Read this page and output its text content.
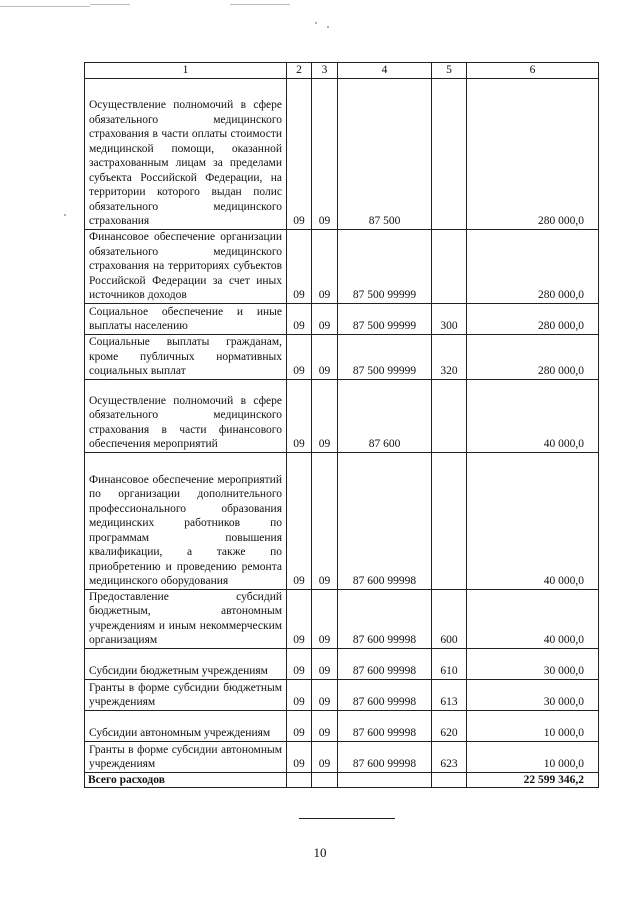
1	2	3	4	5	6
Осуществление полномочий в сфере обязательного медицинского страхования в части оплаты стоимости медицинской помощи, оказанной застрахованным лицам за пределами субъекта Российской Федерации, на территории которого выдан полис обязательного медицинского страхования	09	09	87 500		280 000,0
Финансовое обеспечение организации обязательного медицинского страхования на территориях субъектов Российской Федерации за счет иных источников доходов	09	09	87 500 99999		280 000,0
Социальное обеспечение и иные выплаты населению	09	09	87 500 99999	300	280 000,0
Социальные выплаты гражданам, кроме публичных нормативных социальных выплат	09	09	87 500 99999	320	280 000,0
Осуществление полномочий в сфере обязательного медицинского страхования в части финансового обеспечения мероприятий	09	09	87 600		40 000,0
Финансовое обеспечение мероприятий по организации дополнительного профессионального образования медицинских работников по программам повышения квалификации, а также по приобретению и проведению ремонта медицинского оборудования	09	09	87 600 99998		40 000,0
Предоставление субсидий бюджетным, автономным учреждениям и иным некоммерческим организациям	09	09	87 600 99998	600	40 000,0
Субсидии бюджетным учреждениям	09	09	87 600 99998	610	30 000,0
Гранты в форме субсидии бюджетным учреждениям	09	09	87 600 99998	613	30 000,0
Субсидии автономным учреждениям	09	09	87 600 99998	620	10 000,0
Гранты в форме субсидии автономным учреждениям	09	09	87 600 99998	623	10 000,0
Всего расходов					22 599 346,2
10
